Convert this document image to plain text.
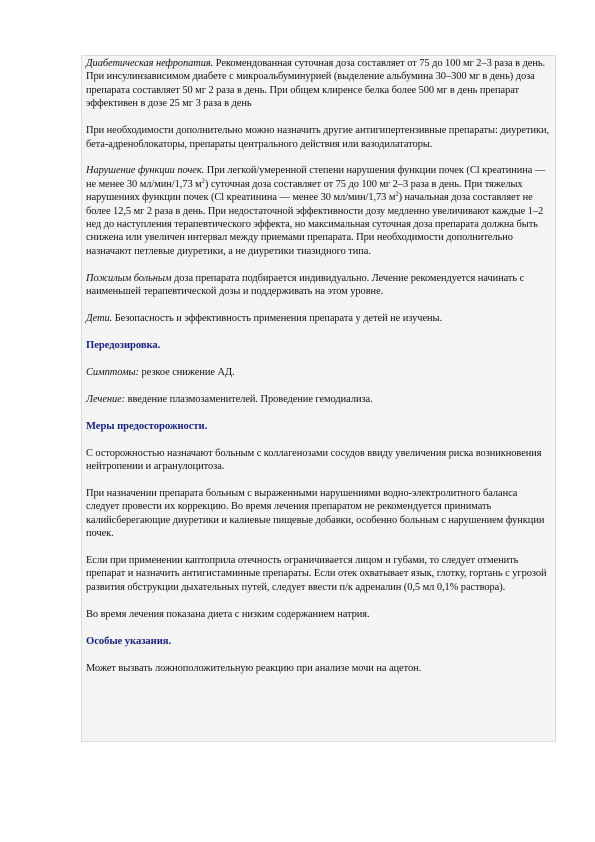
Диабетическая нефропатия. Рекомендованная суточная доза составляет от 75 до 100 мг 2–3 раза в день. При инсулинзависимом диабете с микроальбуминурией (выделение альбумина 30–300 мг в день) доза препарата составляет 50 мг 2 раза в день. При общем клиренсе белка более 500 мг в день препарат эффективен в дозе 25 мг 3 раза в день

При необходимости дополнительно можно назначить другие антигипертензивные препараты: диуретики, бета-адреноблокаторы, препараты центрального действия или вазодилататоры.

Нарушение функции почек. При легкой/умеренной степени нарушения функции почек (Cl креатинина — не менее 30 мл/мин/1,73 $м^2$) суточная доза составляет от 75 до 100 мг 2–3 раза в день. При тяжелых нарушениях функции почек (Cl креатинина — менее 30 мл/мин/1,73 $м^2$) начальная доза составляет не более 12,5 мг 2 раза в день. При недостаточной эффективности дозу медленно увеличивают каждые 1–2 нед до наступления терапевтического эффекта, но максимальная суточная доза препарата должна быть снижена или увеличен интервал между приемами препарата. При необходимости дополнительно назначают петлевые диуретики, а не диуретики тиазидного типа.

Пожилым больным доза препарата подбирается индивидуально. Лечение рекомендуется начинать с наименьшей терапевтической дозы и поддерживать на этом уровне.

Дети. Безопасность и эффективность применения препарата у детей не изучены.

Передозировка.

Симптомы: резкое снижение АД.

Лечение: введение плазмозаменителей. Проведение гемодиализа.

Меры предосторожности.

С осторожностью назначают больным с коллагенозами сосудов ввиду увеличения риска возникновения нейтропении и агранулоцитоза.

При назначении препарата больным с выраженными нарушениями водно-электролитного баланса следует провести их коррекцию. Во время лечения препаратом не рекомендуется принимать калийсберегающие диуретики и калиевые пищевые добавки, особенно больным с нарушением функции почек.

Если при применении каптоприла отечность ограничивается лицом и губами, то следует отменить препарат и назначить антигистаминные препараты. Если отек охватывает язык, глотку, гортань с угрозой развития обструкции дыхательных путей, следует ввести п/к адреналин (0,5 мл 0,1% раствора).

Во время лечения показана диета с низким содержанием натрия.

Особые указания.

Может вызвать ложноположительную реакцию при анализе мочи на ацетон.
